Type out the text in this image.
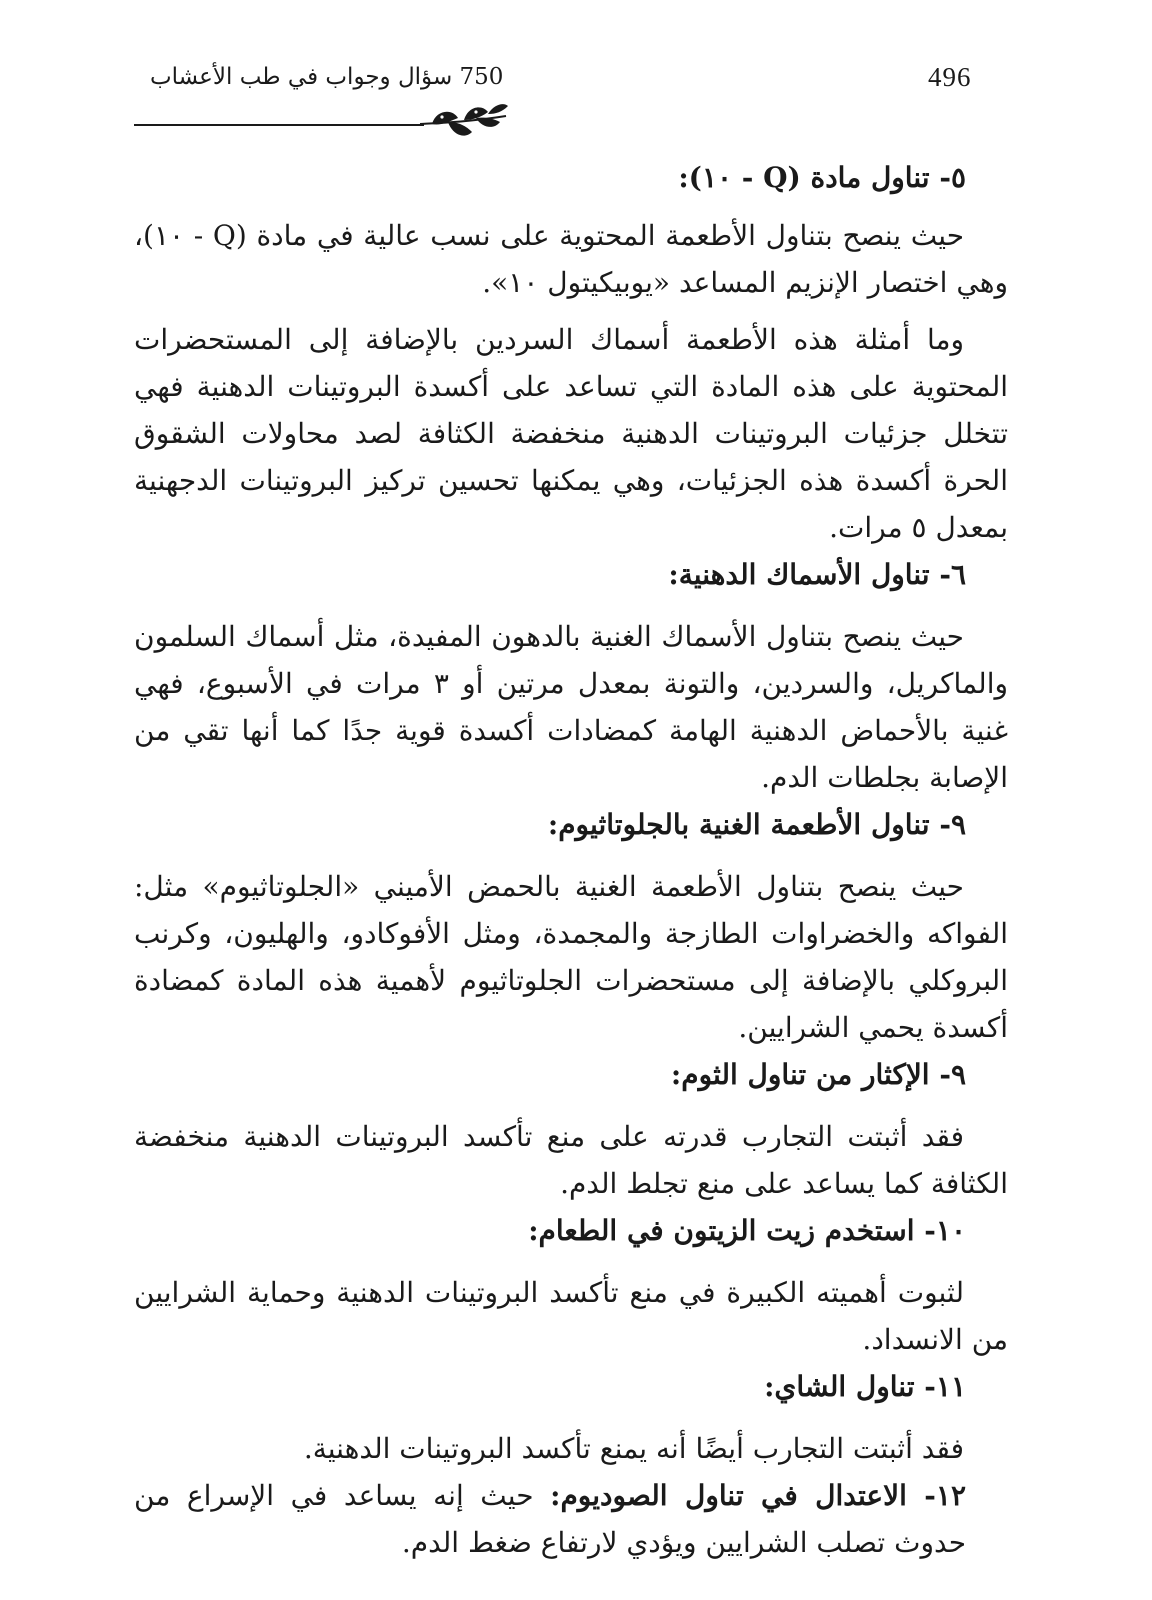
496
750 سؤال وجواب في طب الأعشاب

٥- تناول مادة (Q - ١٠):

حيث ينصح بتناول الأطعمة المحتوية على نسب عالية في مادة (Q - ١٠)، وهي اختصار الإنزيم المساعد «يوبيكيتول ١٠».

وما أمثلة هذه الأطعمة أسماك السردين بالإضافة إلى المستحضرات المحتوية على هذه المادة التي تساعد على أكسدة البروتينات الدهنية فهي تتخلل جزئيات البروتينات الدهنية منخفضة الكثافة لصد محاولات الشقوق الحرة أكسدة هذه الجزئيات، وهي يمكنها تحسين تركيز البروتينات الدجهنية بمعدل ٥ مرات.

٦- تناول الأسماك الدهنية:

حيث ينصح بتناول الأسماك الغنية بالدهون المفيدة، مثل أسماك السلمون والماكريل، والسردين، والتونة بمعدل مرتين أو ٣ مرات في الأسبوع، فهي غنية بالأحماض الدهنية الهامة كمضادات أكسدة قوية جدًا كما أنها تقي من الإصابة بجلطات الدم.

٩- تناول الأطعمة الغنية بالجلوتاثيوم:

حيث ينصح بتناول الأطعمة الغنية بالحمض الأميني «الجلوتاثيوم» مثل: الفواكه والخضراوات الطازجة والمجمدة، ومثل الأفوكادو، والهليون، وكرنب البروكلي بالإضافة إلى مستحضرات الجلوتاثيوم لأهمية هذه المادة كمضادة أكسدة يحمي الشرايين.

٩- الإكثار من تناول الثوم:

فقد أثبتت التجارب قدرته على منع تأكسد البروتينات الدهنية منخفضة الكثافة كما يساعد على منع تجلط الدم.

١٠- استخدم زيت الزيتون في الطعام:

لثبوت أهميته الكبيرة في منع تأكسد البروتينات الدهنية وحماية الشرايين من الانسداد.

١١- تناول الشاي:

فقد أثبتت التجارب أيضًا أنه يمنع تأكسد البروتينات الدهنية.

١٢- الاعتدال في تناول الصوديوم: حيث إنه يساعد في الإسراع من حدوث تصلب الشرايين ويؤدي لارتفاع ضغط الدم.
